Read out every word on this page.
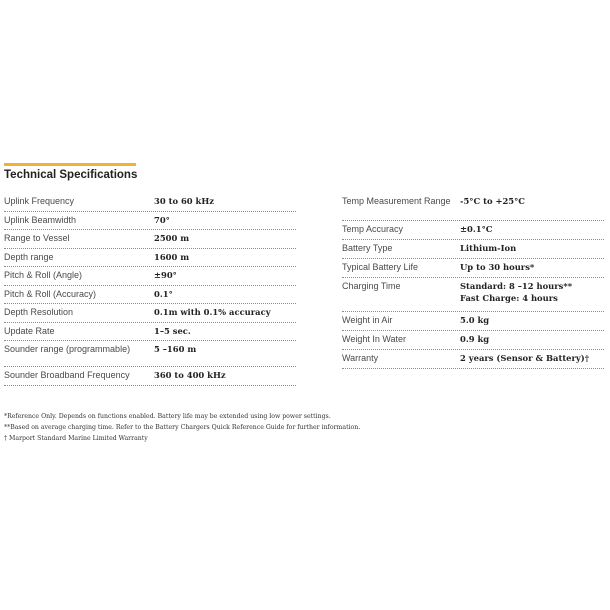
Technical Specifications
Uplink Frequency	30 to 60 kHz
Uplink Beamwidth	70°
Range to Vessel	2500 m
Depth range	1600 m
Pitch & Roll (Angle)	±90°
Pitch & Roll (Accuracy)	0.1°
Depth Resolution	0.1m with 0.1% accuracy
Update Rate	1–5 sec.
Sounder range (programmable)	5 –160 m
Sounder Broadband Frequency	360 to 400 kHz
Temp Measurement Range	-5°C to +25°C
Temp Accuracy	±0.1°C
Battery Type	Lithium-Ion
Typical Battery Life	Up to 30 hours*
Charging Time	Standard: 8 –12 hours**
Fast Charge: 4 hours
Weight in Air	5.0 kg
Weight In Water	0.9 kg
Warranty	2 years (Sensor & Battery)†
*Reference Only. Depends on functions enabled. Battery life may be extended using low power settings.
**Based on average charging time. Refer to the Battery Chargers Quick Reference Guide for further information.
† Marport Standard Marine Limited Warranty
